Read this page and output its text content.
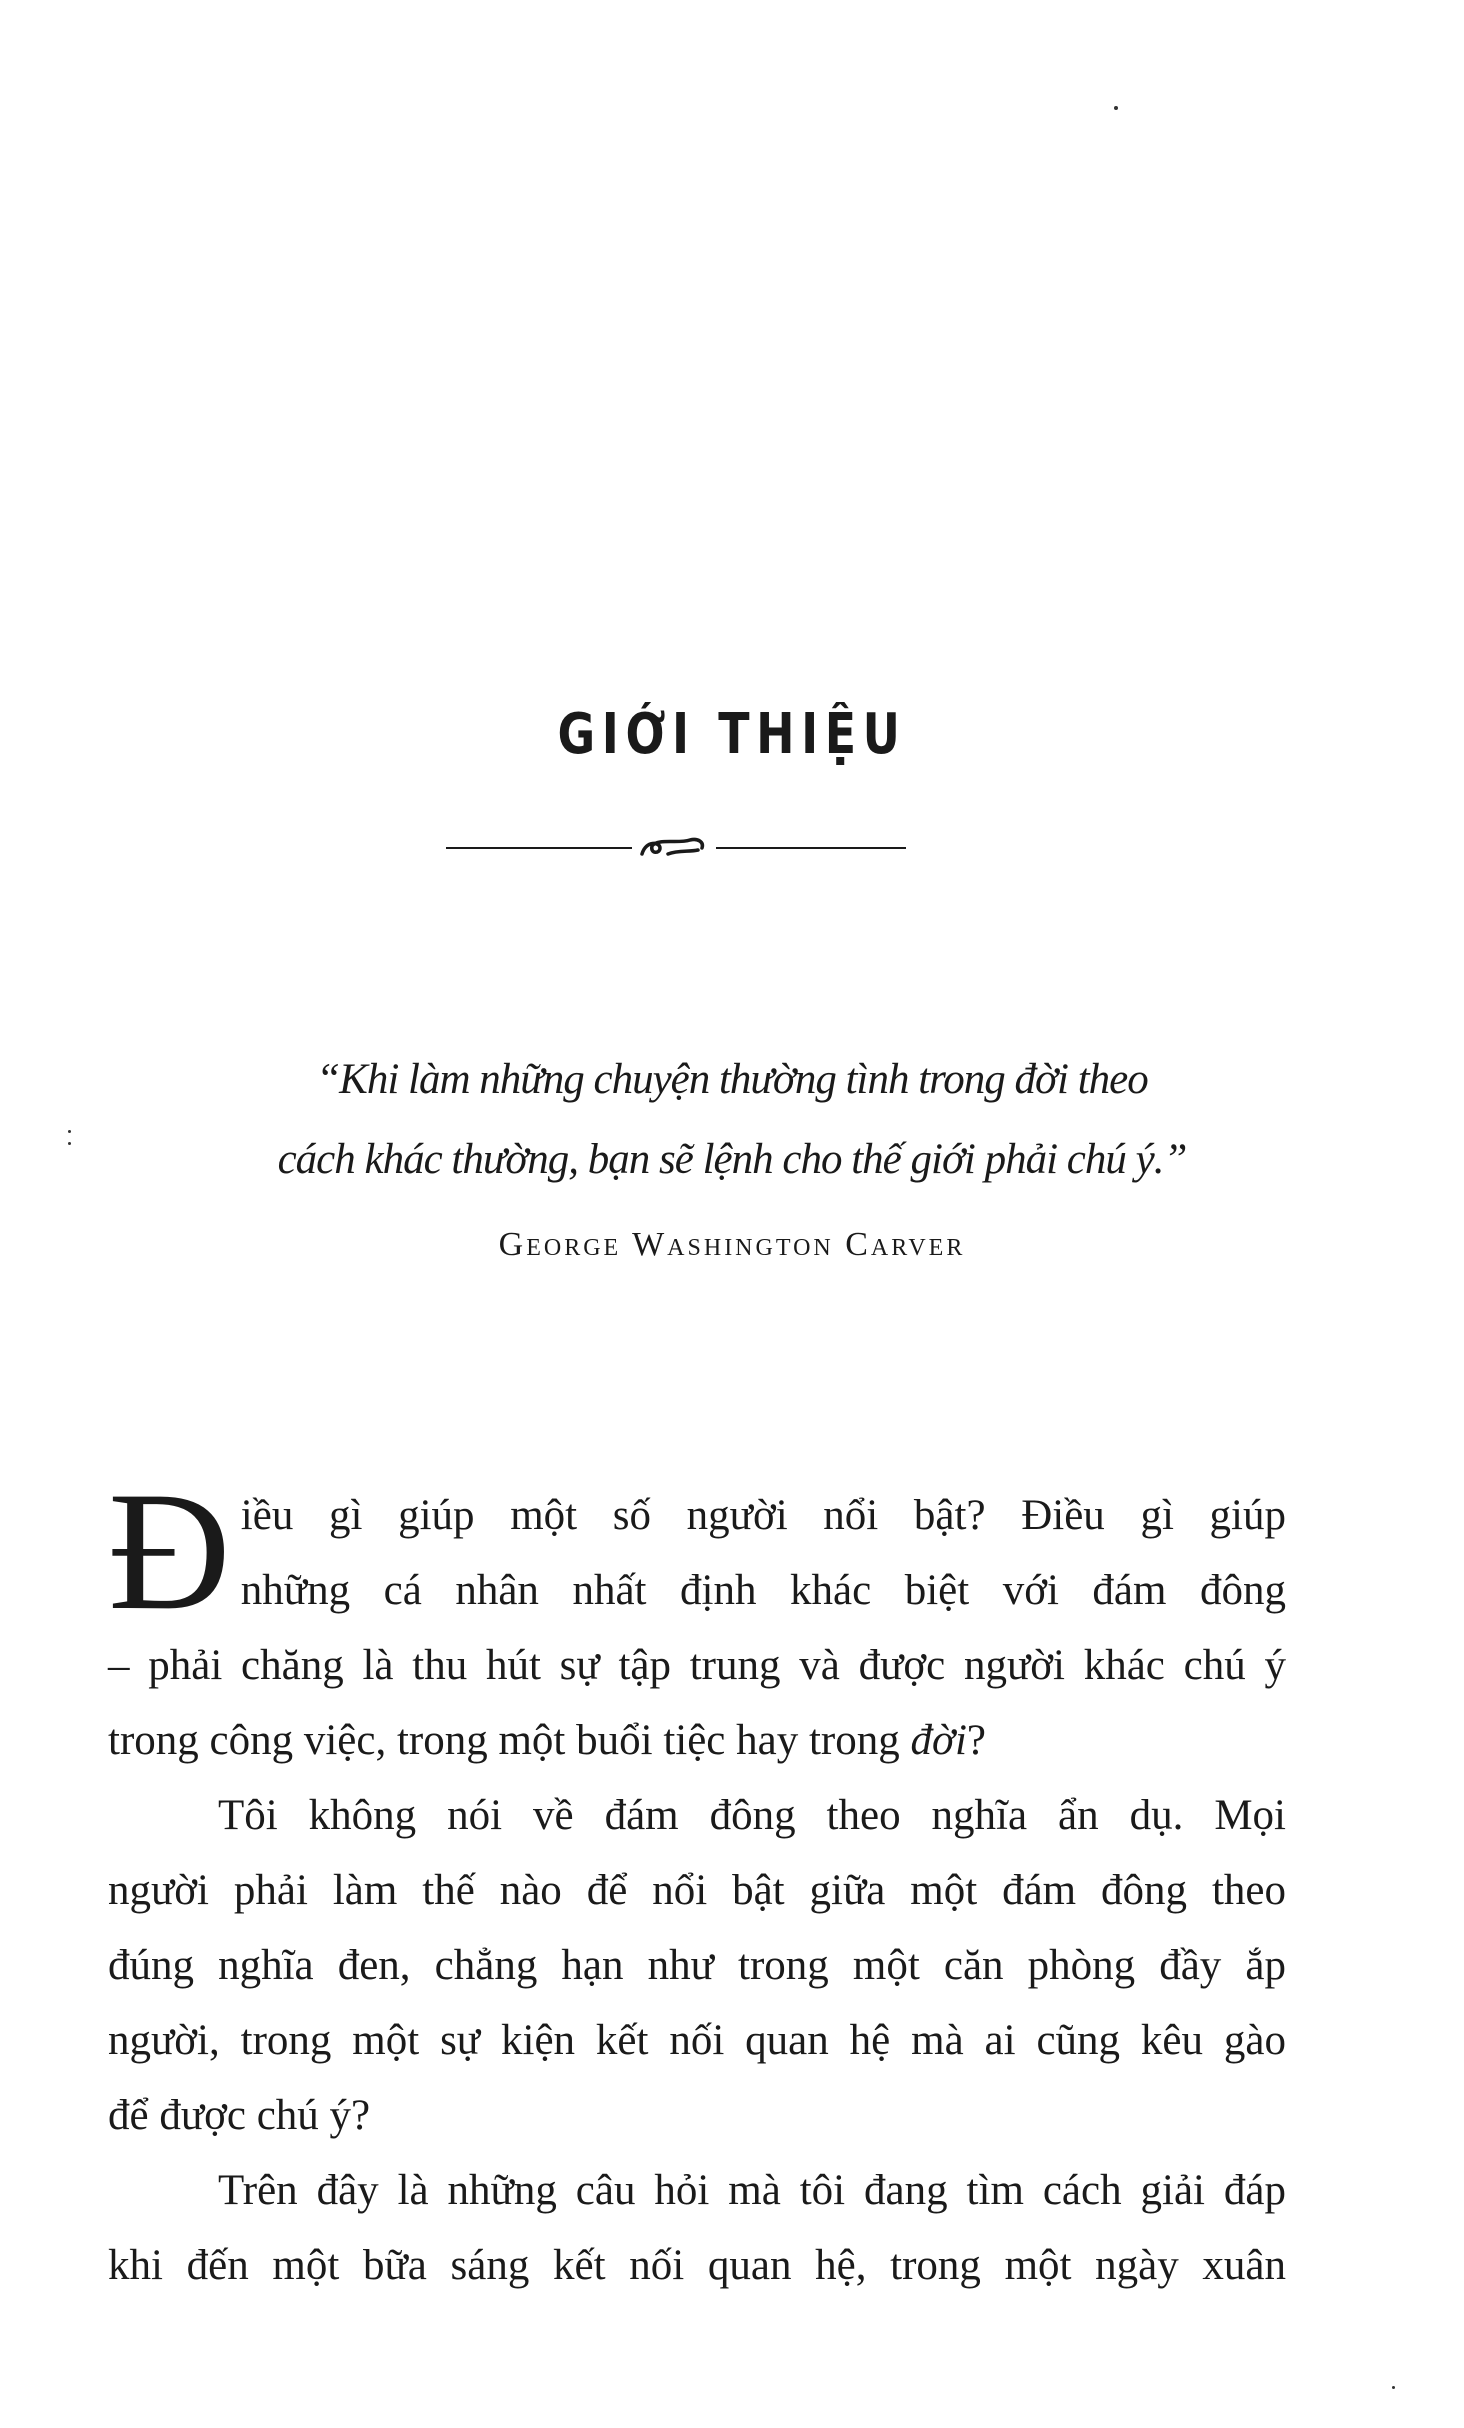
GIỚI THIỆU

“Khi làm những chuyện thường tình trong đời theo
cách khác thường, bạn sẽ lệnh cho thế giới phải chú ý.”

George Washington Carver

Đ iều gì giúp một số người nổi bật? Điều gì giúp

những cá nhân nhất định khác biệt với đám đông

– phải chăng là thu hút sự tập trung và được người khác chú ý

trong công việc, trong một buổi tiệc hay trong đời?

Tôi không nói về đám đông theo nghĩa ẩn dụ. Mọi

người phải làm thế nào để nổi bật giữa một đám đông theo

đúng nghĩa đen, chẳng hạn như trong một căn phòng đầy ắp

người, trong một sự kiện kết nối quan hệ mà ai cũng kêu gào

để được chú ý?

Trên đây là những câu hỏi mà tôi đang tìm cách giải đáp

khi đến một bữa sáng kết nối quan hệ, trong một ngày xuân
